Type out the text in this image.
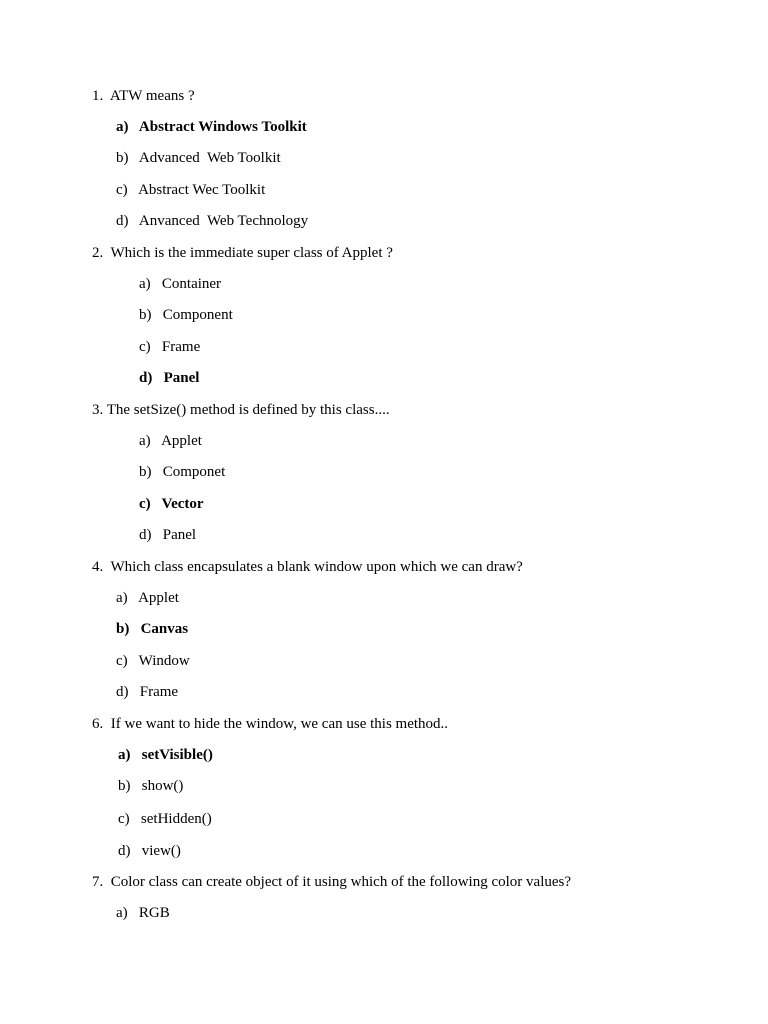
1.  ATW means ?
a)   Abstract Windows Toolkit
b)   Advanced  Web Toolkit
c)   Abstract Wec Toolkit
d)   Anvanced  Web Technology
2.  Which is the immediate super class of Applet ?
a)   Container
b)   Component
c)   Frame
d)   Panel
3. The setSize() method is defined by this class....
a)   Applet
b)   Componet
c)   Vector
d)   Panel
4.  Which class encapsulates a blank window upon which we can draw?
a)   Applet
b)   Canvas
c)   Window
d)   Frame
6.  If we want to hide the window, we can use this method..
a)   setVisible()
b)   show()
c)   setHidden()
d)   view()
7.  Color class can create object of it using which of the following color values?
a)   RGB
